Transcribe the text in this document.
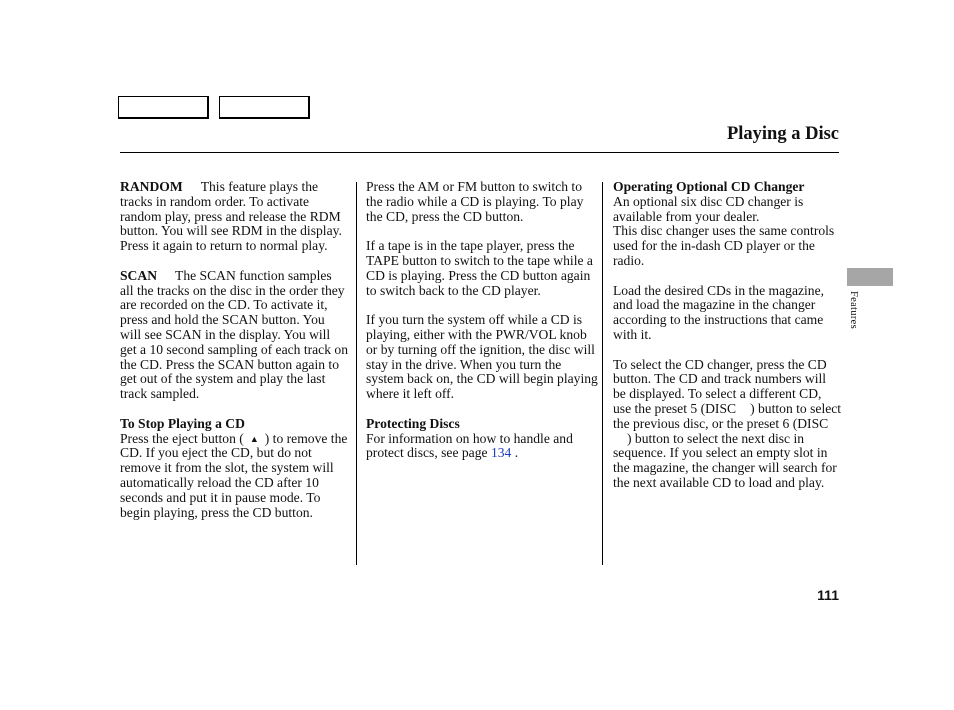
Playing a Disc

RANDOM This feature plays the tracks in random order. To activate random play, press and release the RDM button. You will see RDM in the display. Press it again to return to normal play.

SCAN The SCAN function samples all the tracks on the disc in the order they are recorded on the CD. To activate it, press and hold the SCAN button. You will see SCAN in the display. You will get a 10 second sampling of each track on the CD. Press the SCAN button again to get out of the system and play the last track sampled.

To Stop Playing a CD

Press the eject button ( ▲ ) to remove the CD. If you eject the CD, but do not remove it from the slot, the system will automatically reload the CD after 10 seconds and put it in pause mode. To begin playing, press the CD button.

Press the AM or FM button to switch to the radio while a CD is playing. To play the CD, press the CD button.

If a tape is in the tape player, press the TAPE button to switch to the tape while a CD is playing. Press the CD button again to switch back to the CD player.

If you turn the system off while a CD is playing, either with the PWR/VOL knob or by turning off the ignition, the disc will stay in the drive. When you turn the system back on, the CD will begin playing where it left off.

Protecting Discs

For information on how to handle and protect discs, see page 134 .

Operating Optional CD Changer

An optional six disc CD changer is available from your dealer.

This disc changer uses the same controls used for the in-dash CD player or the radio.

Load the desired CDs in the magazine, and load the magazine in the changer according to the instructions that came with it.

To select the CD changer, press the CD button. The CD and track numbers will be displayed. To select a different CD, use the preset 5 (DISC ) button to select the previous disc, or the preset 6 (DISC) button to select the next disc in sequence. If you select an empty slot in the magazine, the changer will search for the next available CD to load and play.

Features
111
